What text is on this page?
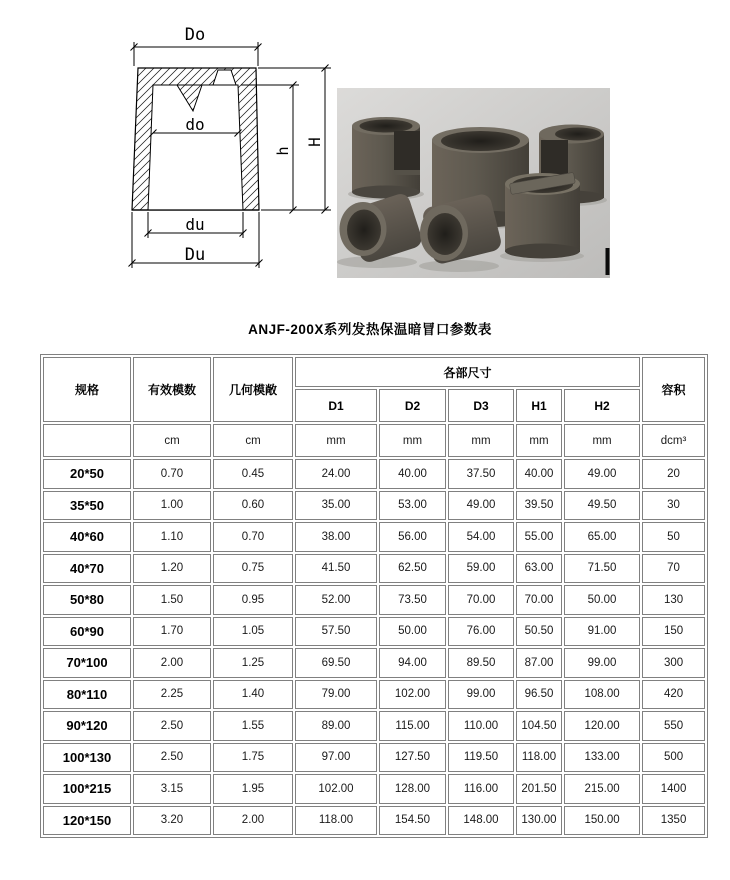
Do
do
du
Du
h
H
ANJF-200X系列发热保温暗冒口参数表
规格	有效模数	几何模敞	各部尺寸					容积
			D1	D2	D3	H1	H2	
	cm	cm	mm	mm	mm	mm	mm	dcm³
20*50	0.70	0.45	24.00	40.00	37.50	40.00	49.00	20
35*50	1.00	0.60	35.00	53.00	49.00	39.50	49.50	30
40*60	1.10	0.70	38.00	56.00	54.00	55.00	65.00	50
40*70	1.20	0.75	41.50	62.50	59.00	63.00	71.50	70
50*80	1.50	0.95	52.00	73.50	70.00	70.00	50.00	130
60*90	1.70	1.05	57.50	50.00	76.00	50.50	91.00	150
70*100	2.00	1.25	69.50	94.00	89.50	87.00	99.00	300
80*110	2.25	1.40	79.00	102.00	99.00	96.50	108.00	420
90*120	2.50	1.55	89.00	115.00	110.00	104.50	120.00	550
100*130	2.50	1.75	97.00	127.50	119.50	118.00	133.00	500
100*215	3.15	1.95	102.00	128.00	116.00	201.50	215.00	1400
120*150	3.20	2.00	118.00	154.50	148.00	130.00	150.00	1350
